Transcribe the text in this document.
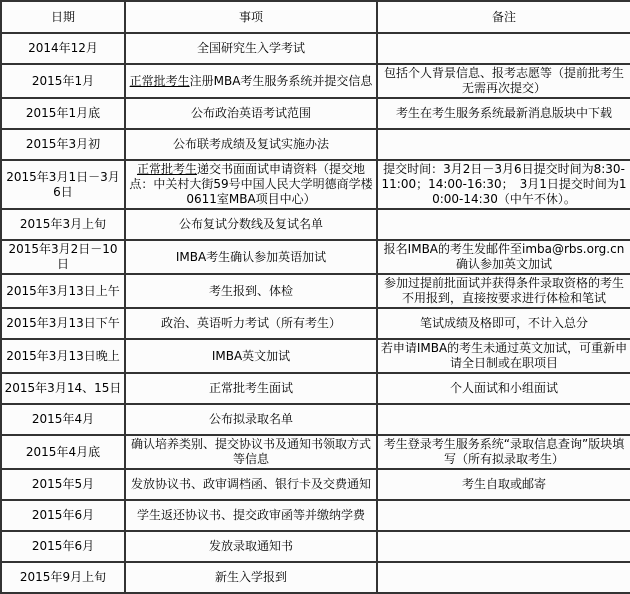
日期	事项	备注
2014年12月	全国研究生入学考试	
2015年1月	正常批考生注册MBA考生服务系统并提交信息	包括个人背景信息、报考志愿等（提前批考生无需再次提交）
2015年1月底	公布政治英语考试范围	考生在考生服务系统最新消息版块中下载
2015年3月初	公布联考成绩及复试实施办法	
2015年3月1日－3月6日	正常批考生递交书面面试申请资料（提交地点：中关村大街59号中国人民大学明德商学楼0611室MBA项目中心）	提交时间：3月2日－3月6日提交时间为8:30-11:00；14:00-16:30；　3月1日提交时间为10:00-14:30（中午不休）。
2015年3月上旬	公布复试分数线及复试名单	
2015年3月2日－10日	IMBA考生确认参加英语加试	报名IMBA的考生发邮件至imba@rbs.org.cn确认参加英文加试
2015年3月13日上午	考生报到、体检	参加过提前批面试并获得条件录取资格的考生不用报到，直接按要求进行体检和笔试
2015年3月13日下午	政治、英语听力考试（所有考生）	笔试成绩及格即可，不计入总分
2015年3月13日晚上	IMBA英文加试	若申请IMBA的考生未通过英文加试，可重新申请全日制或在职项目
2015年3月14、15日	正常批考生面试	个人面试和小组面试
2015年4月	公布拟录取名单	
2015年4月底	确认培养类别、提交协议书及通知书领取方式等信息	考生登录考生服务系统“录取信息查询”版块填写（所有拟录取考生）
2015年5月	发放协议书、政审调档函、银行卡及交费通知	考生自取或邮寄
2015年6月	学生返还协议书、提交政审函等并缴纳学费	
2015年6月	发放录取通知书	
2015年9月上旬	新生入学报到	
